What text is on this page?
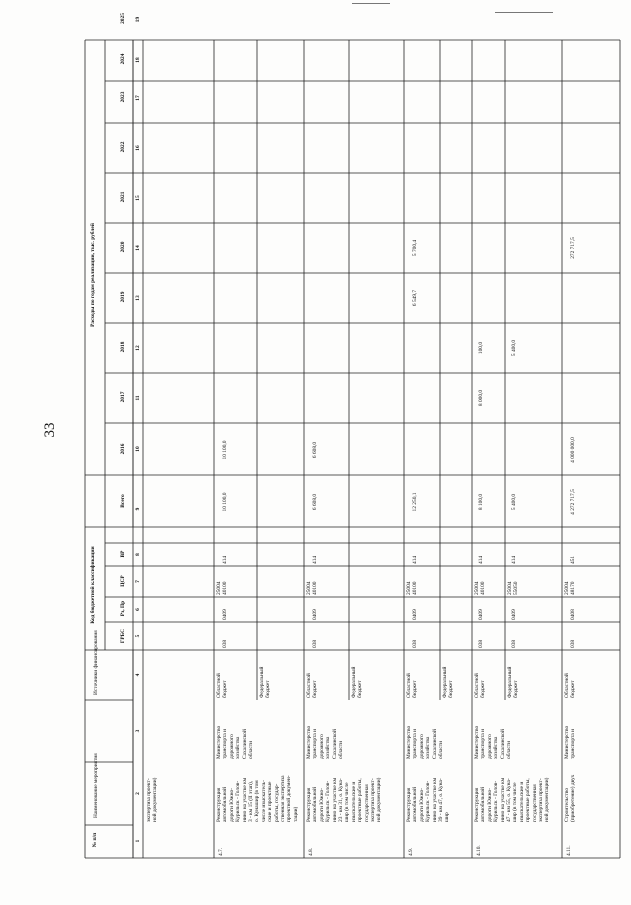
33
№ п/п
Наименование мероприятия
Источники финансирования
Код бюджетной классификации
Расходы по годам реализации, тыс. рублей
ГРБС
Рз, Пр
ЦСР
ВР
Всего
2016
2017
2018
2019
2020
2021
2022
2023
2024
2025
1
2
3
4
5
6
7
8
9
10
11
12
13
14
15
16
17
18
19
экспертиза проект- ной документации)
4.7.
Реконструкция автомобильной дороги Южно- Курильск - Голов- нино на участке км 3 - км 15 (II этап), о. Кунашир (в том числе изыскатель- ские и проектные работы, государ- ственная экспертиза проектной докумен- тации)
Министерство транспорта и дорожного хозяйства Сахалинской области
Областной бюджет
038
0409
25004 40100
414
10 100,0
10 100,0
Федеральный бюджет
4.8.
Реконструкция автомобильной дороги Южно- Курильск - Голов- нино на участке км 23 - км 31, о. Куна- шир (в том числе изыскательские и проектные работы, государственная экспертиза проект- ной документации)
Министерство транспорта и дорожного хозяйства Сахалинской области
Областной бюджет
038
0409
25004 40100
414
6 608,0
6 608,0
Федеральный бюджет
4.9.
Реконструкция автомобильной дороги Южно- Курильск - Голов- нино на участке км 39 - км 47, о. Куна- шир
Министерство транспорта и дорожного хозяйства Сахалинской области
Областной бюджет
038
0409
25004 40100
414
12 250,1
6 549,7
5 700,4
Федеральный бюджет
4.10.
Реконструкция автомобильной дороги Южно- Курильск - Голов- нино на участке км 47 - км 55, о. Куна- шир (в том числе изыскательские и проектные работы, государственная экспертиза проект- ной документации)
Министерство транспорта и дорожного хозяйства Сахалинской области
Областной бюджет
038
0409
25004 40100
414
8 100,0
8 000,0
100,0
Федеральный бюджет
038
0409
25004 55050
414
5 400,0
5 400,0
4.11.
Строительство (приобретение) двух
Министерство транспорта и
Областной бюджет
038
0408
25004 48170
451
4 272 717,5
4 000 000,0
272 717,5
